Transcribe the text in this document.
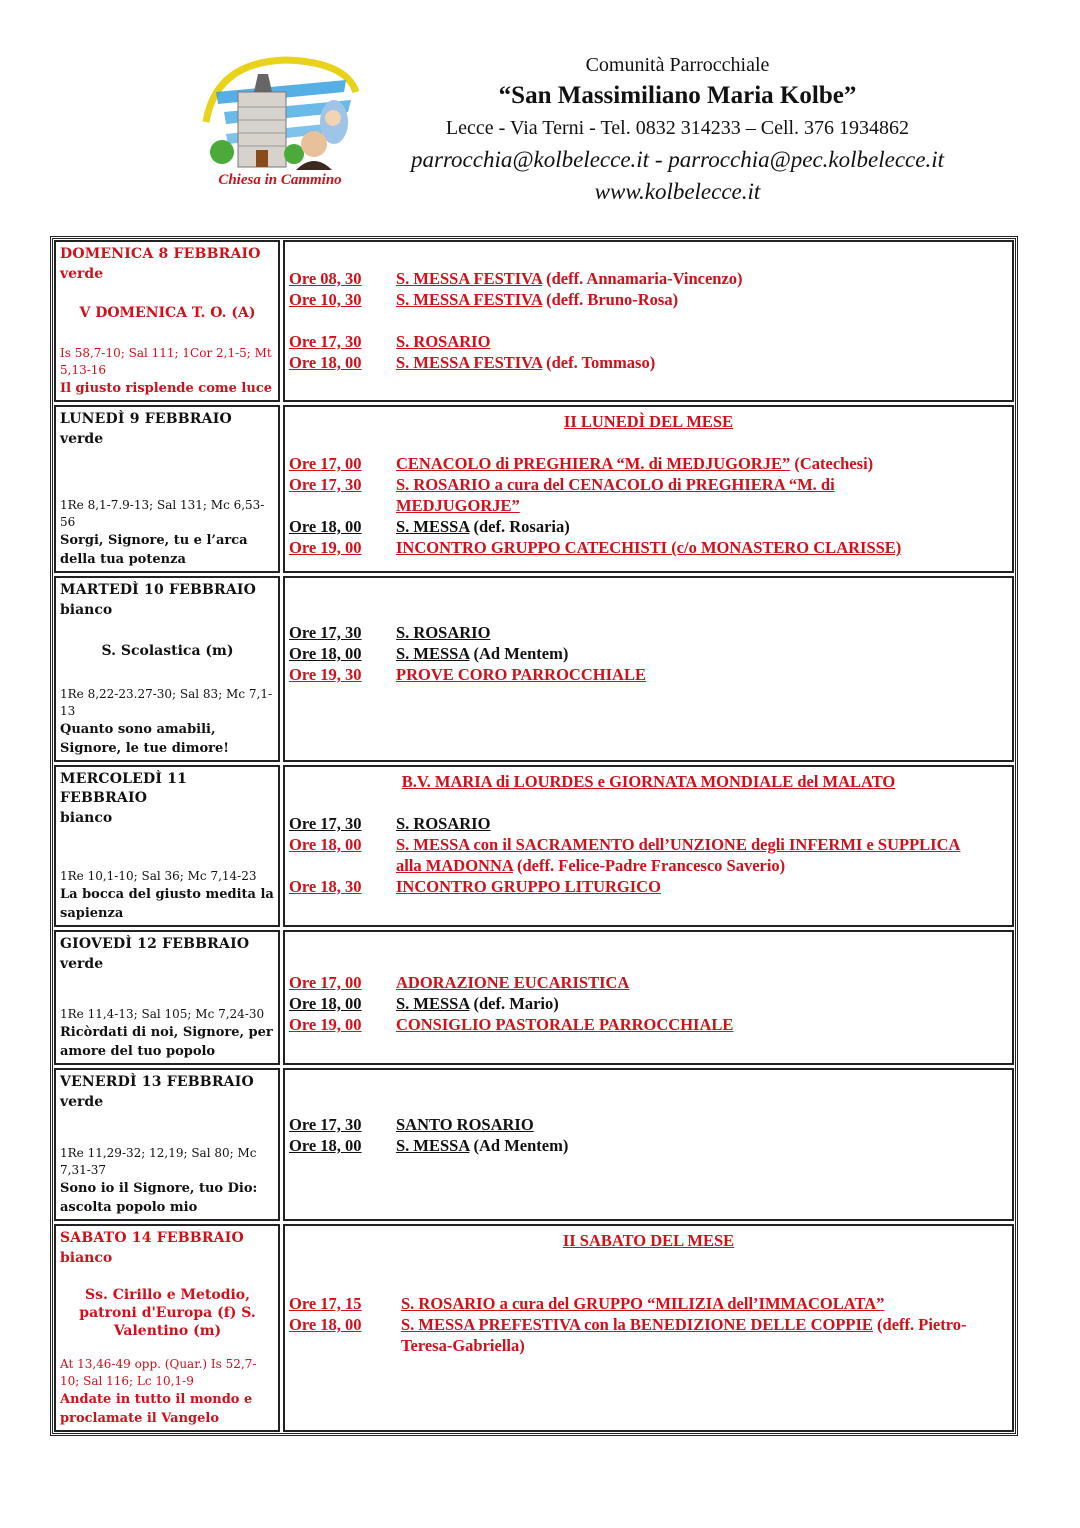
Chiesa in Cammino
Comunità Parrocchiale
“San Massimiliano Maria Kolbe”
Lecce - Via Terni - Tel. 0832 314233 – Cell. 376 1934862
parrocchia@kolbelecce.it - parrocchia@pec.kolbelecce.it
www.kolbelecce.it
DOMENICA 8 FEBBRAIO
verde
V DOMENICA T. O. (A)
Is 58,7-10; Sal 111; 1Cor 2,1-5; Mt 5,13-16
Il giusto risplende come luce
Ore 08, 30	S. MESSA FESTIVA (deff. Annamaria-Vincenzo)
Ore 10, 30	S. MESSA FESTIVA (deff. Bruno-Rosa)
Ore 17, 30	S. ROSARIO
Ore 18, 00	S. MESSA FESTIVA (def. Tommaso)
LUNEDÌ 9 FEBBRAIO
verde
1Re 8,1-7.9-13; Sal 131; Mc 6,53-56
Sorgi, Signore, tu e l’arca della tua potenza
II LUNEDÌ DEL MESE
Ore 17, 00	CENACOLO di PREGHIERA “M. di MEDJUGORJE” (Catechesi)
Ore 17, 30	S. ROSARIO a cura del CENACOLO di PREGHIERA “M. di MEDJUGORJE”
Ore 18, 00	S. MESSA (def. Rosaria)
Ore 19, 00	INCONTRO GRUPPO CATECHISTI (c/o MONASTERO CLARISSE)
MARTEDÌ 10 FEBBRAIO
bianco
S. Scolastica (m)
1Re 8,22-23.27-30; Sal 83; Mc 7,1-13
Quanto sono amabili, Signore, le tue dimore!
Ore 17, 30	S. ROSARIO
Ore 18, 00	S. MESSA (Ad Mentem)
Ore 19, 30	PROVE CORO PARROCCHIALE
MERCOLEDÌ 11 FEBBRAIO
bianco
1Re 10,1-10; Sal 36; Mc 7,14-23
La bocca del giusto medita la sapienza
B.V. MARIA di LOURDES e GIORNATA MONDIALE del MALATO
Ore 17, 30	S. ROSARIO
Ore 18, 00	S. MESSA con il SACRAMENTO dell’UNZIONE degli INFERMI e SUPPLICA alla MADONNA (deff. Felice-Padre Francesco Saverio)
Ore 18, 30	INCONTRO GRUPPO LITURGICO
GIOVEDÌ 12 FEBBRAIO
verde
1Re 11,4-13; Sal 105; Mc 7,24-30
Ricòrdati di noi, Signore, per amore del tuo popolo
Ore 17, 00	ADORAZIONE EUCARISTICA
Ore 18, 00	S. MESSA (def. Mario)
Ore 19, 00	CONSIGLIO PASTORALE PARROCCHIALE
VENERDÌ 13 FEBBRAIO
verde
1Re 11,29-32; 12,19; Sal 80; Mc 7,31-37
Sono io il Signore, tuo Dio: ascolta popolo mio
Ore 17, 30	SANTO ROSARIO
Ore 18, 00	S. MESSA (Ad Mentem)
SABATO 14 FEBBRAIO
bianco
Ss. Cirillo e Metodio, patroni d'Europa (f) S. Valentino (m)
At 13,46-49 opp. (Quar.) Is 52,7-10; Sal 116; Lc 10,1-9
Andate in tutto il mondo e proclamate il Vangelo
II SABATO DEL MESE
Ore 17, 15	S. ROSARIO a cura del GRUPPO “MILIZIA dell’IMMACOLATA”
Ore 18, 00	S. MESSA PREFESTIVA con la BENEDIZIONE DELLE COPPIE (deff. Pietro-Teresa-Gabriella)
